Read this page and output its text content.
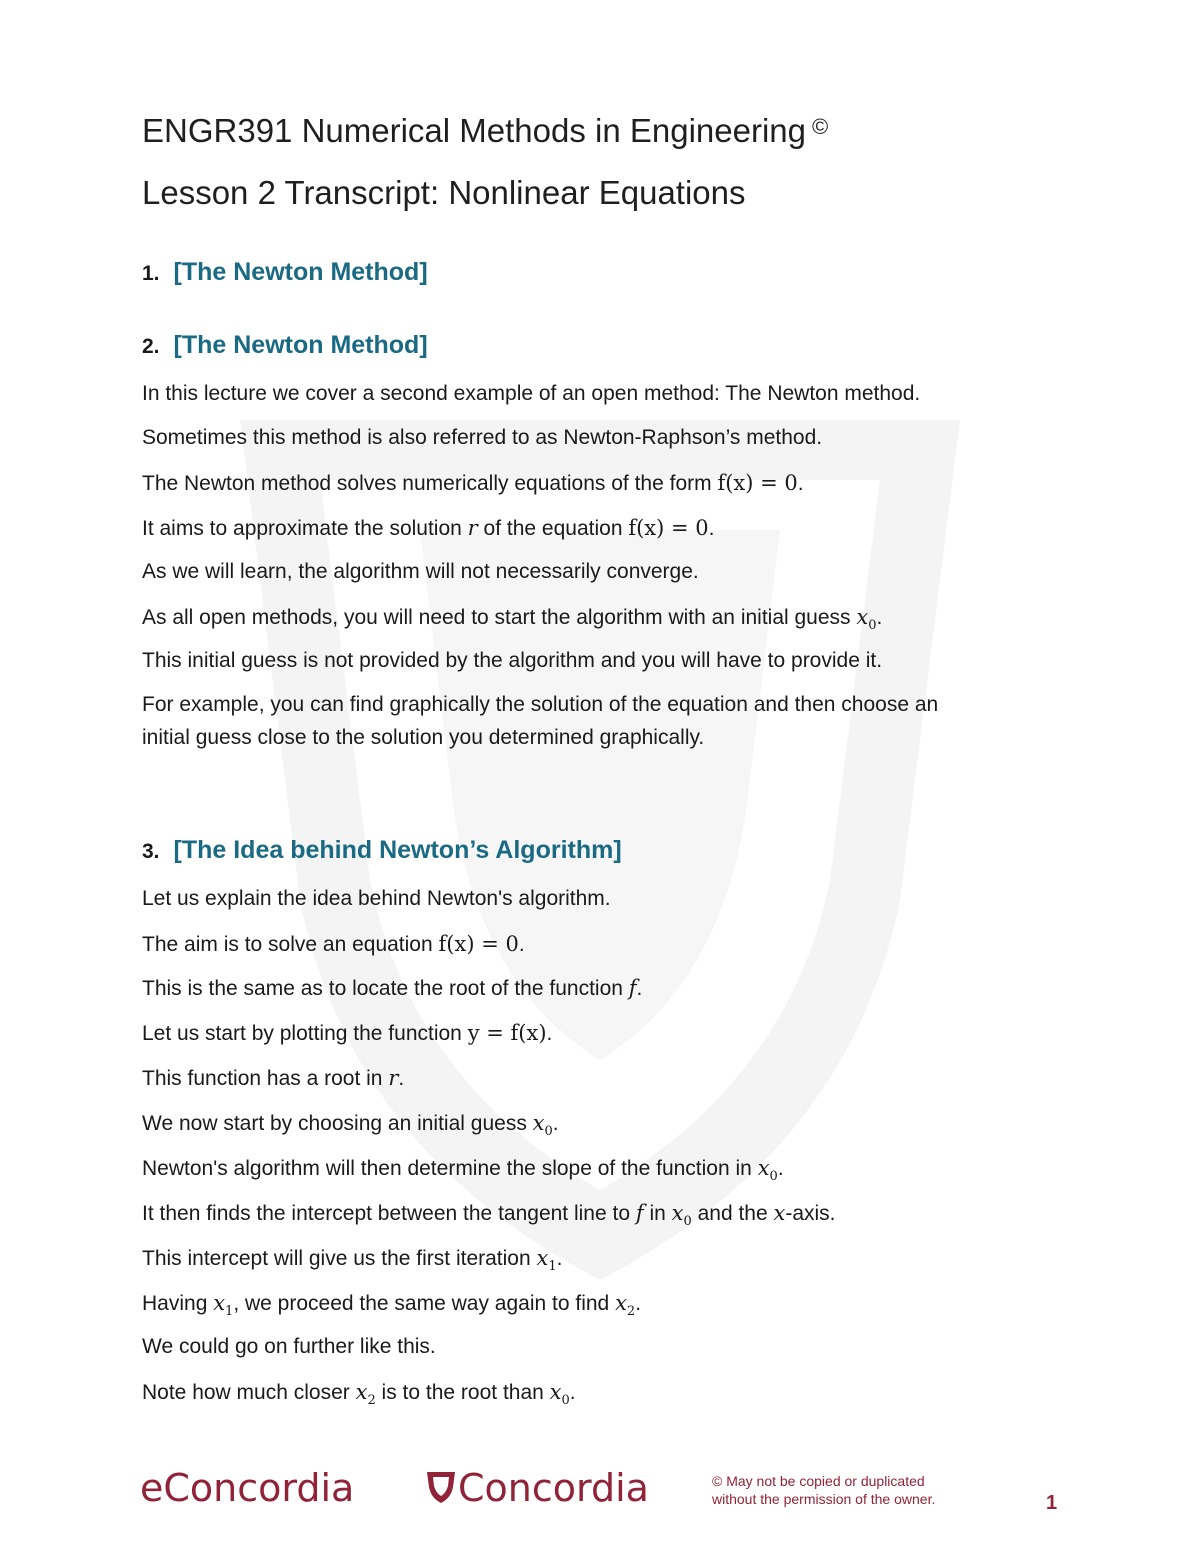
ENGR391 Numerical Methods in Engineering ©
Lesson 2 Transcript: Nonlinear Equations
1. [The Newton Method]
2. [The Newton Method]
In this lecture we cover a second example of an open method: The Newton method.
Sometimes this method is also referred to as Newton-Raphson’s method.
The Newton method solves numerically equations of the form f(x) = 0.
It aims to approximate the solution r of the equation f(x) = 0.
As we will learn, the algorithm will not necessarily converge.
As all open methods, you will need to start the algorithm with an initial guess $x_0$.
This initial guess is not provided by the algorithm and you will have to provide it.
For example, you can find graphically the solution of the equation and then choose an
initial guess close to the solution you determined graphically.
3. [The Idea behind Newton’s Algorithm]
Let us explain the idea behind Newton's algorithm.
The aim is to solve an equation f(x) = 0.
This is the same as to locate the root of the function f.
Let us start by plotting the function y = f(x).
This function has a root in r.
We now start by choosing an initial guess $x_0$.
Newton's algorithm will then determine the slope of the function in $x_0$.
It then finds the intercept between the tangent line to f in $x_0$ and the x-axis.
This intercept will give us the first iteration $x_1$.
Having $x_1$, we proceed the same way again to find $x_2$.
We could go on further like this.
Note how much closer $x_2$ is to the root than $x_0$.
eConcordia	Concordia	© May not be copied or duplicated
without the permission of the owner.	1
